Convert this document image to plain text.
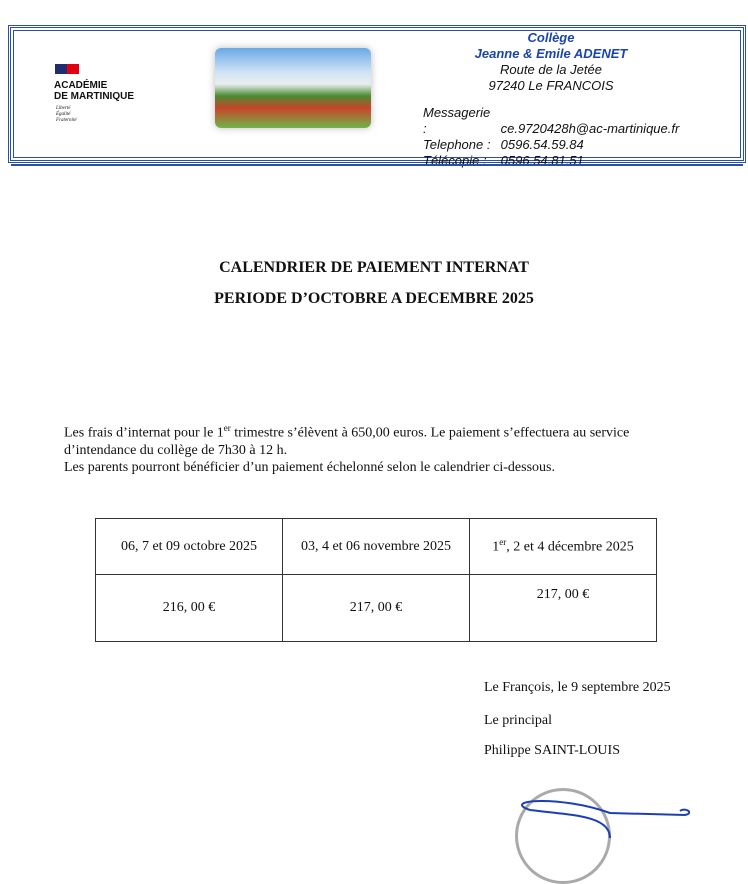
ACADÉMIE
DE MARTINIQUE
Liberté
Égalité
Fraternité
Collège
Jeanne & Emile ADENET
Route de la Jetée
97240 Le FRANCOIS
Messagerie :	ce.9720428h@ac-martinique.fr
Telephone : 0596.54.59.84
Télécopie : 0596.54.81.51
CALENDRIER DE PAIEMENT INTERNAT
PERIODE D’OCTOBRE A DECEMBRE 2025
Les frais d’internat pour le 1er trimestre s’élèvent à 650,00 euros. Le paiement s’effectuera au service d’intendance du collège de 7h30 à 12 h.
Les parents pourront bénéficier d’un paiement échelonné selon le calendrier ci-dessous.
06, 7 et 09 octobre 2025	03, 4 et 06 novembre 2025	1er, 2 et 4 décembre 2025
216, 00 €	217, 00 €	217, 00 €
Le François, le 9 septembre 2025
Le principal
Philippe SAINT-LOUIS
